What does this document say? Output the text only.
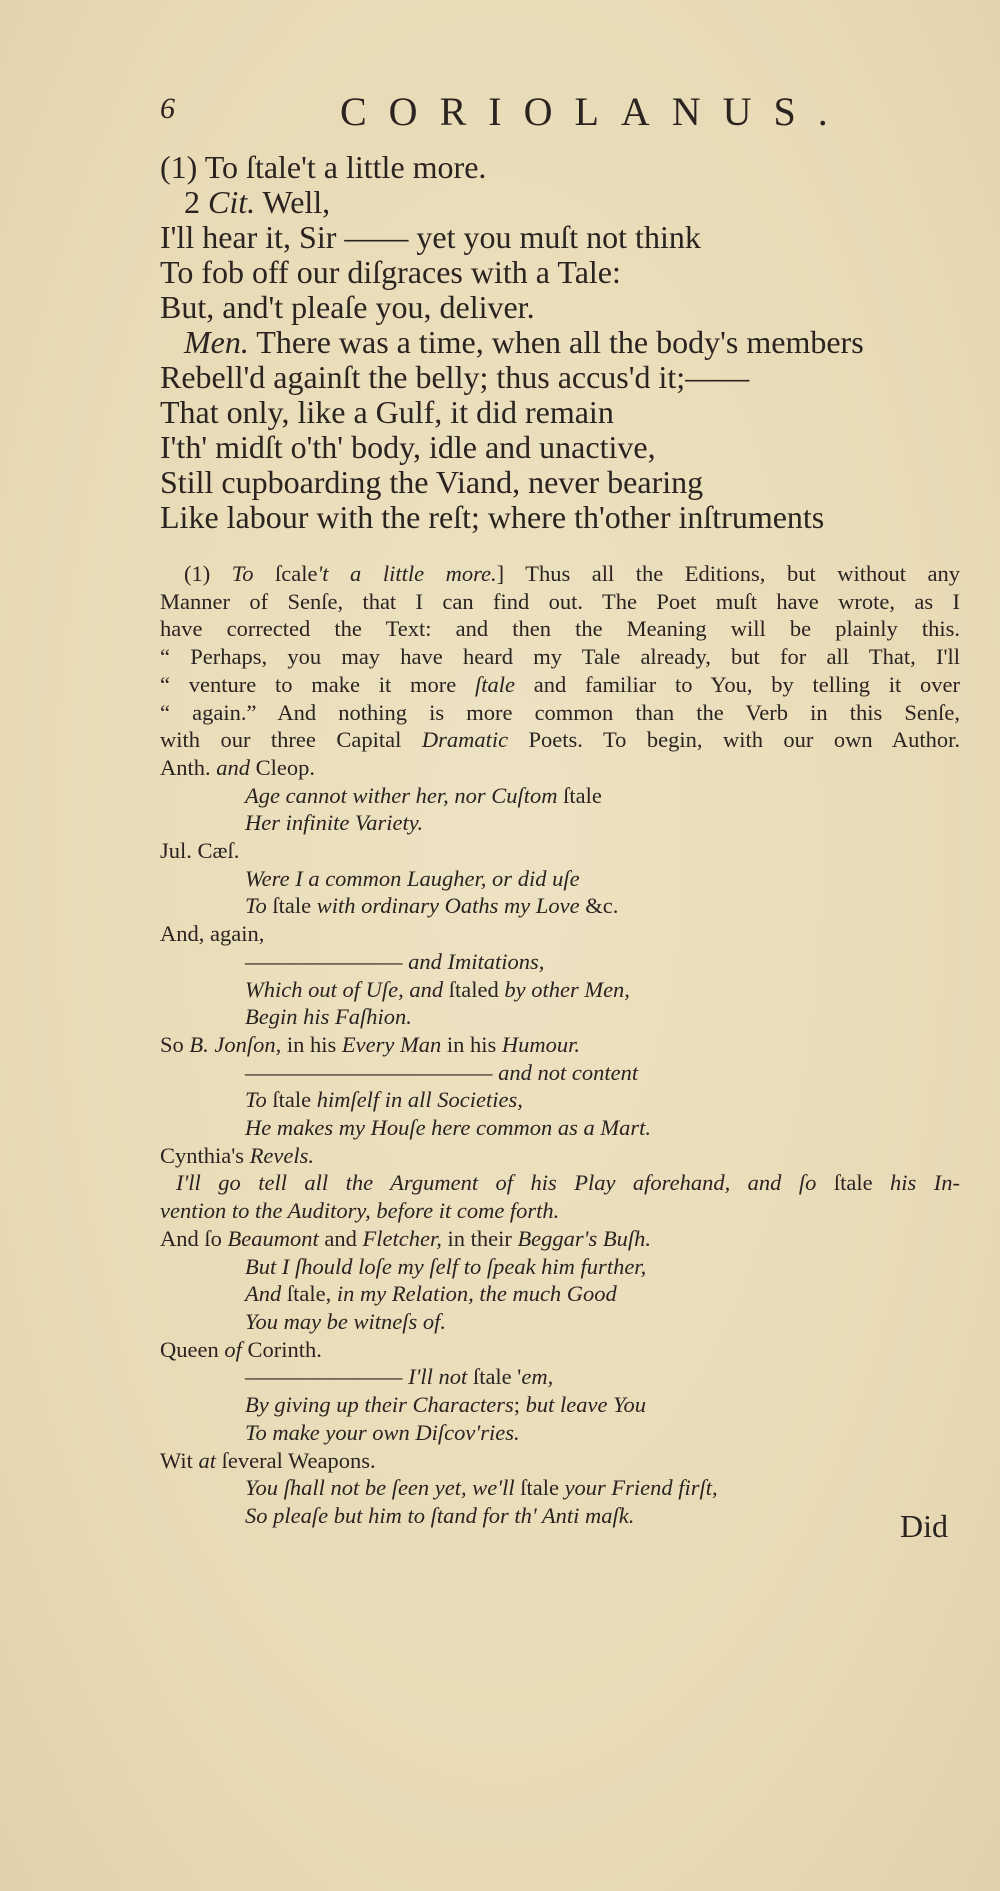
6	CORIOLANUS.
(1) To ſtale't a little more.
2 Cit. Well,
I'll hear it, Sir —— yet you muſt not think
To fob off our diſgraces with a Tale:
But, and't pleaſe you, deliver.
Men. There was a time, when all the body's members
Rebell'd againſt the belly; thus accus'd it;——
That only, like a Gulf, it did remain
I'th' midſt o'th' body, idle and unactive,
Still cupboarding the Viand, never bearing
Like labour with the reſt; where th'other inſtruments
(1) To ſcale't a little more.] Thus all the Editions, but without any
Manner of Senſe, that I can find out. The Poet muſt have wrote, as I
have corrected the Text: and then the Meaning will be plainly this.
“ Perhaps, you may have heard my Tale already, but for all That, I'll
“ venture to make it more ſtale and familiar to You, by telling it over
“ again.” And nothing is more common than the Verb in this Senſe,
with our three Capital Dramatic Poets. To begin, with our own Author.
Anth. and Cleop.
Age cannot wither her, nor Cuſtom ſtale
Her infinite Variety.
Jul. Cæſ.
Were I a common Laugher, or did uſe
To ſtale with ordinary Oaths my Love &c.
And, again,
——————— and Imitations,
Which out of Uſe, and ſtaled by other Men,
Begin his Faſhion.
So B. Jonſon, in his Every Man in his Humour.
——————————— and not content
To ſtale himſelf in all Societies,
He makes my Houſe here common as a Mart.
Cynthia's Revels.
I'll go tell all the Argument of his Play aforehand, and ſo ſtale his In-
vention to the Auditory, before it come forth.
And ſo Beaumont and Fletcher, in their Beggar's Buſh.
But I ſhould loſe my ſelf to ſpeak him further,
And ſtale, in my Relation, the much Good
You may be witneſs of.
Queen of Corinth.
——————— I'll not ſtale 'em,
By giving up their Characters; but leave You
To make your own Diſcov'ries.
Wit at ſeveral Weapons.
You ſhall not be ſeen yet, we'll ſtale your Friend firſt,
So pleaſe but him to ſtand for th' Anti maſk.	Did
